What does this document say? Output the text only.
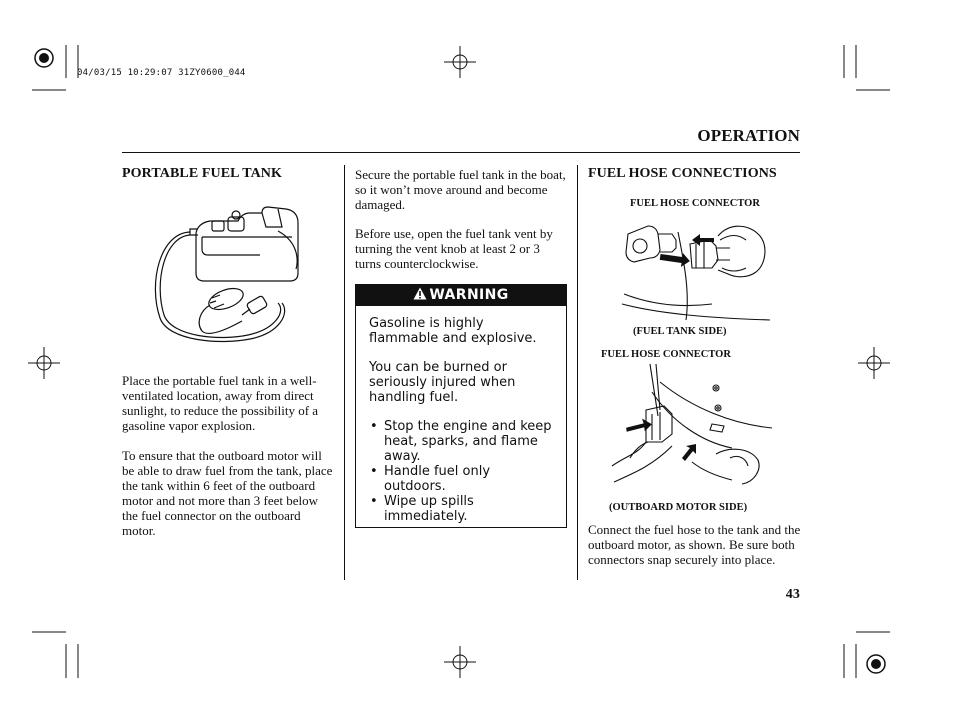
04/03/15 10:29:07 31ZY0600_044
OPERATION
PORTABLE FUEL TANK

Place the portable fuel tank in a well-ventilated location, away from direct sunlight, to reduce the possibility of a gasoline vapor explosion.

To ensure that the outboard motor will be able to draw fuel from the tank, place the tank within 6 feet of the outboard motor and not more than 3 feet below the fuel connector on the outboard motor.

Secure the portable fuel tank in the boat, so it won’t move around and become damaged.

Before use, open the fuel tank vent by turning the vent knob at least 2 or 3 turns counterclockwise.

WARNING

Gasoline is highly flammable and explosive.

You can be burned or seriously injured when handling fuel.

• Stop the engine and keep heat, sparks, and flame away.
• Handle fuel only outdoors.
• Wipe up spills immediately.
FUEL HOSE CONNECTIONS
FUEL HOSE CONNECTOR
(FUEL TANK SIDE)
FUEL HOSE CONNECTOR
(OUTBOARD MOTOR SIDE)

Connect the fuel hose to the tank and the outboard motor, as shown. Be sure both connectors snap securely into place.

43
